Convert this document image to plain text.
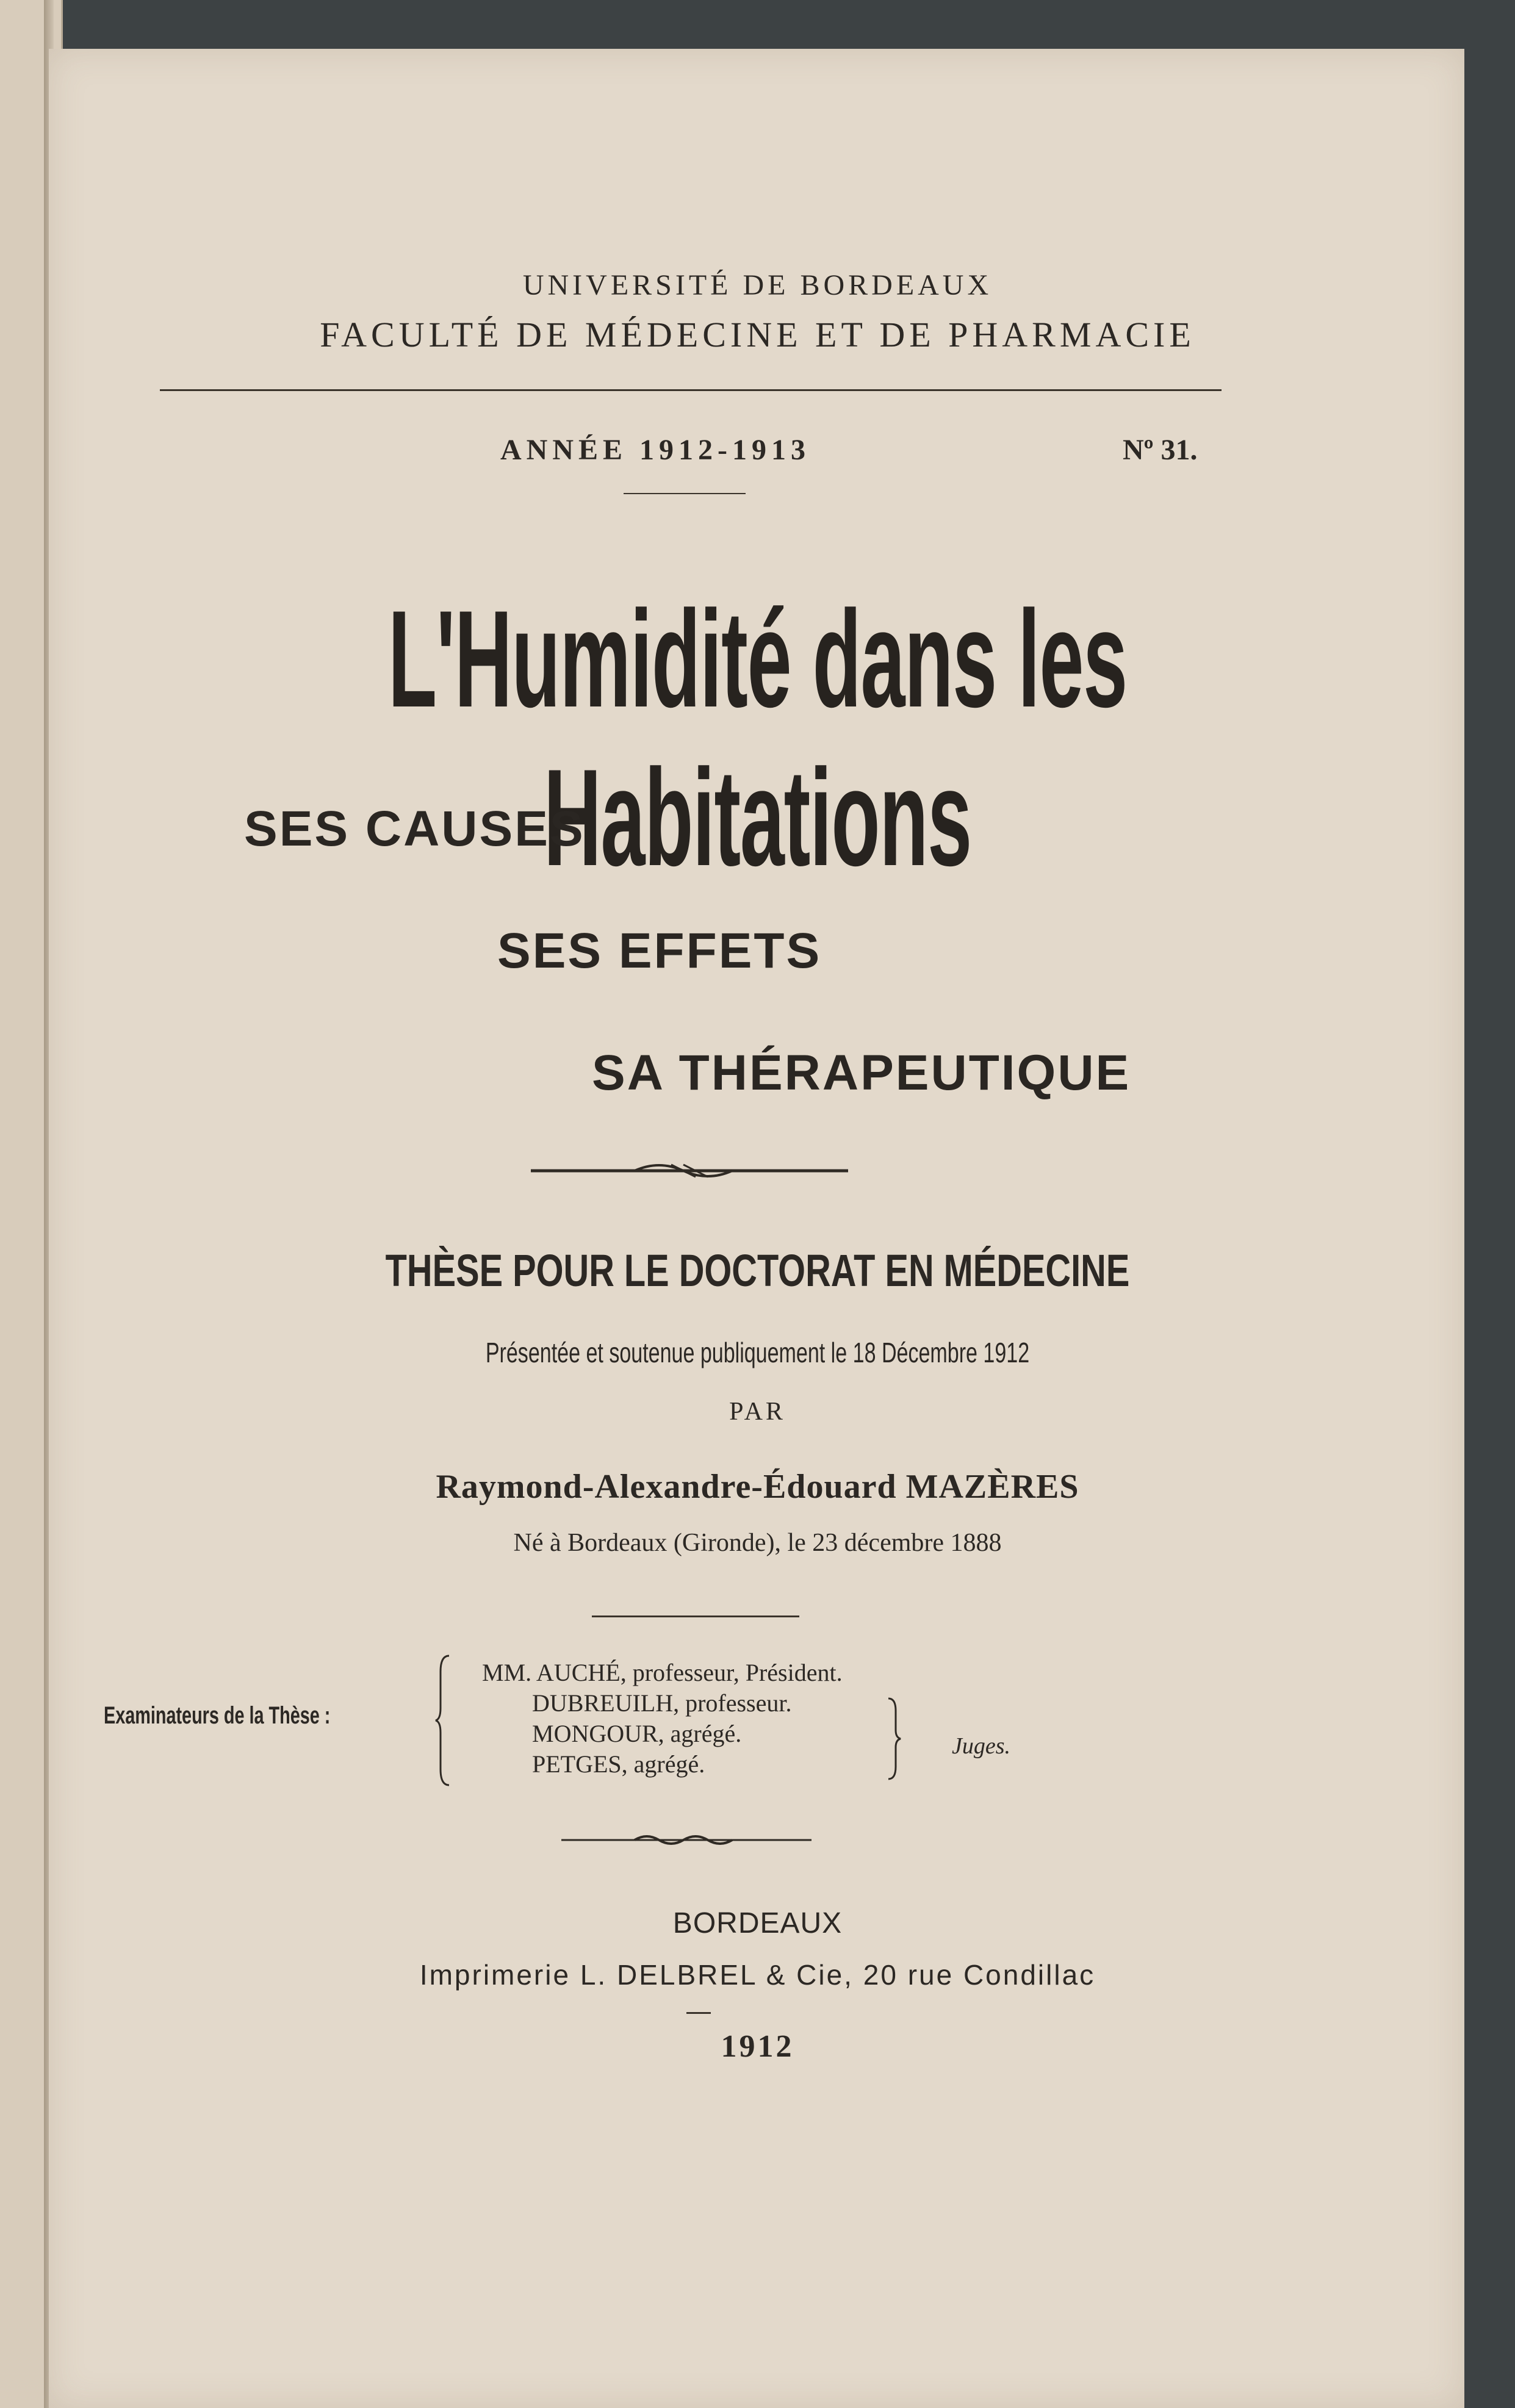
UNIVERSITÉ DE BORDEAUX
FACULTÉ DE MÉDECINE ET DE PHARMACIE
ANNÉE 1912-1913	Nº 31.
L'Humidité dans les Habitations
SES CAUSES
SES EFFETS
SA THÉRAPEUTIQUE
THÈSE POUR LE DOCTORAT EN MÉDECINE
Présentée et soutenue publiquement le 18 Décembre 1912
PAR
Raymond-Alexandre-Édouard MAZÈRES
Né à Bordeaux (Gironde), le 23 décembre 1888
Examinateurs de la Thèse :
MM. AUCHÉ, professeur, Président.
DUBREUILH, professeur.
MONGOUR, agrégé.
PETGES, agrégé.
Juges.
BORDEAUX
Imprimerie L. DELBREL & Cie, 20 rue Condillac
1912
